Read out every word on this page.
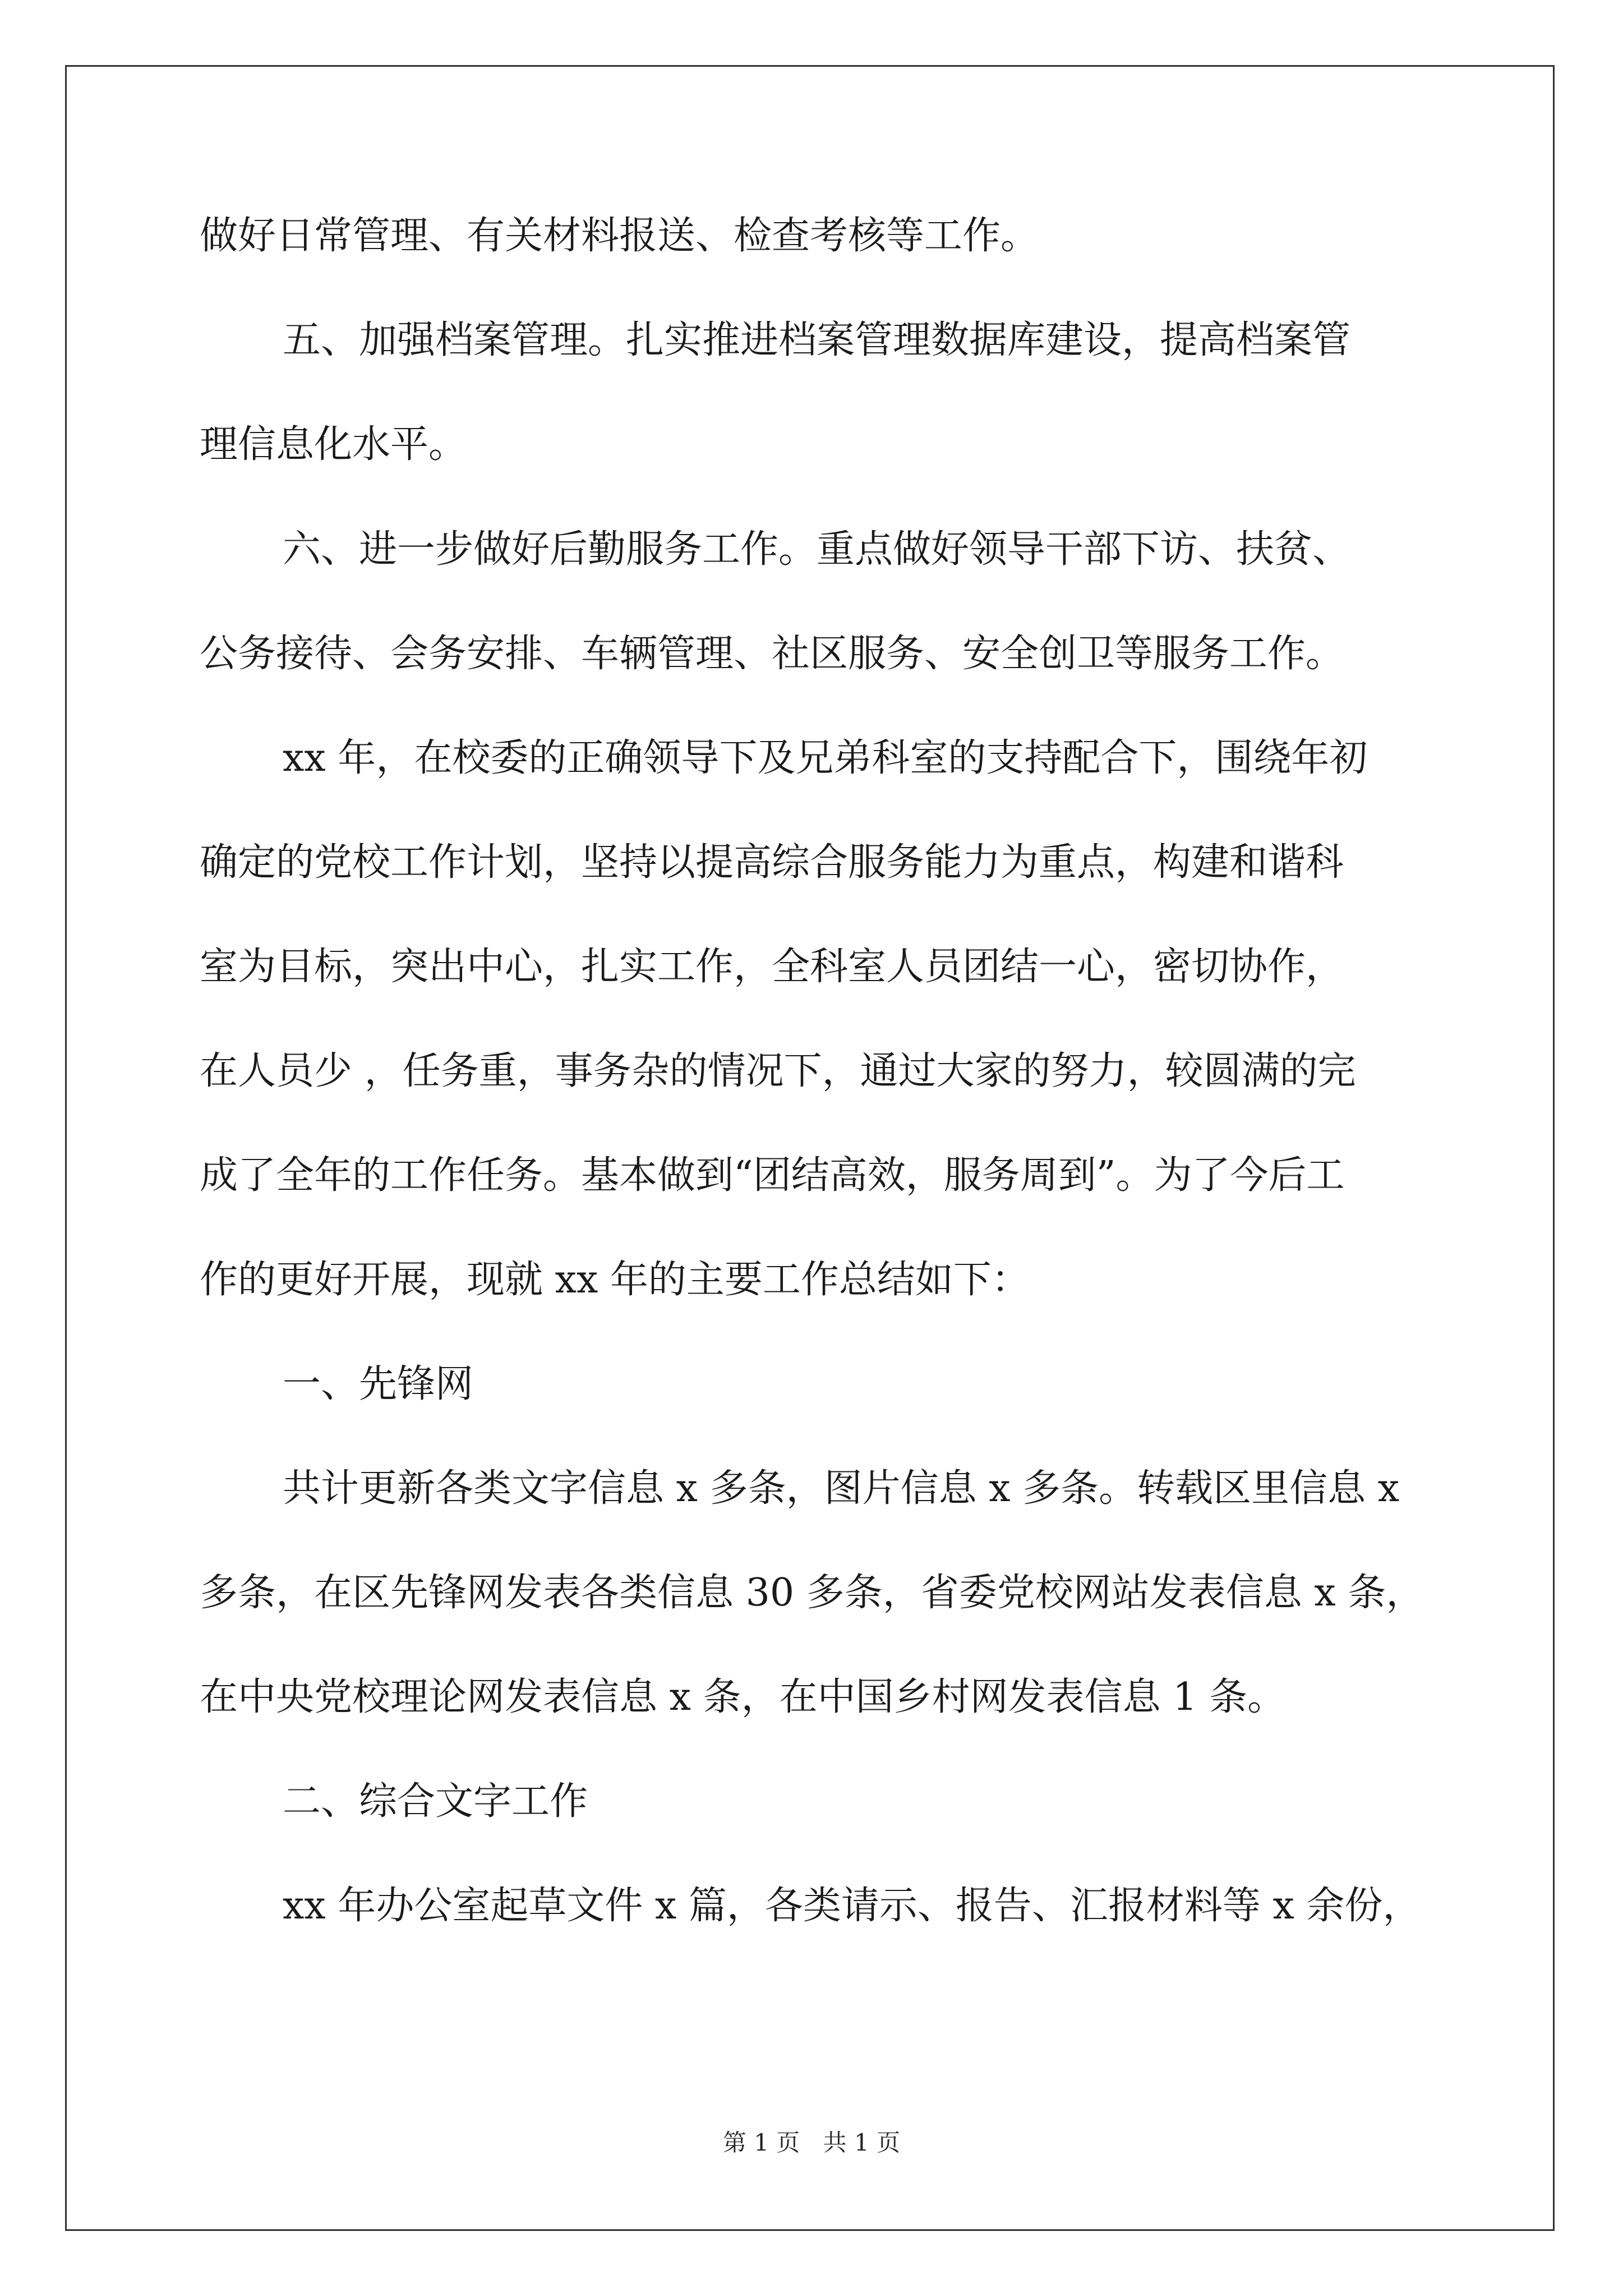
做好日常管理、有关材料报送、检查考核等工作。
五、加强档案管理。扎实推进档案管理数据库建设，提高档案管
理信息化水平。
六、进一步做好后勤服务工作。重点做好领导干部下访、扶贫、
公务接待、会务安排、车辆管理、社区服务、安全创卫等服务工作。
xx 年，在校委的正确领导下及兄弟科室的支持配合下，围绕年初
确定的党校工作计划，坚持以提高综合服务能力为重点，构建和谐科
室为目标，突出中心，扎实工作，全科室人员团结一心，密切协作，
在人员少 ，任务重，事务杂的情况下，通过大家的努力，较圆满的完
成了全年的工作任务。基本做到“团结高效，服务周到”。为了今后工
作的更好开展，现就 xx 年的主要工作总结如下：
一、先锋网
共计更新各类文字信息 x 多条，图片信息 x 多条。转载区里信息 x
多条，在区先锋网发表各类信息 30 多条，省委党校网站发表信息 x 条，
在中央党校理论网发表信息 x 条，在中国乡村网发表信息 1 条。
二、综合文字工作
xx 年办公室起草文件 x 篇，各类请示、报告、汇报材料等 x 余份，
第 1 页 共 1 页
